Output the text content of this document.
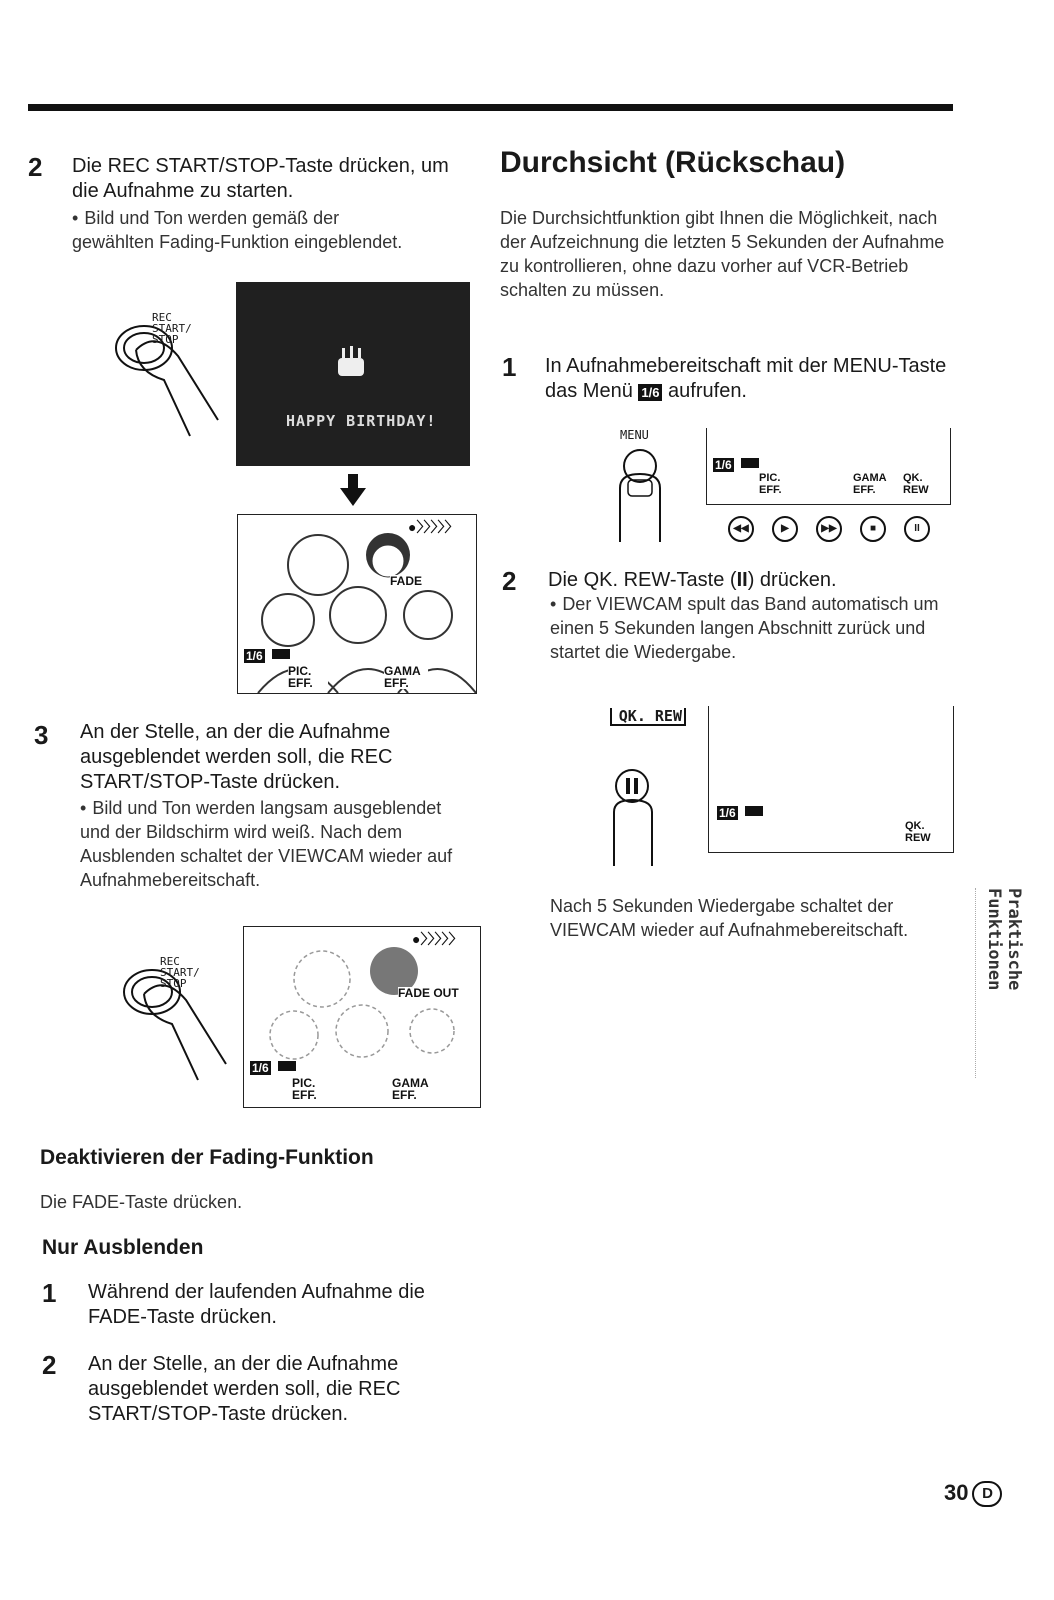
2 Die REC START/STOP-Taste drücken, um die Aufnahme zu starten.
• Bild und Ton werden gemäß der gewählten Fading-Funktion eingeblendet.
REC START/ STOP
HAPPY BIRTHDAY!
●〉〉〉〉〉
FADE
1/6
PIC. EFF.
GAMA EFF.
3 An der Stelle, an der die Aufnahme ausgeblendet werden soll, die REC START/STOP-Taste drücken.
• Bild und Ton werden langsam ausgeblendet und der Bildschirm wird weiß. Nach dem Ausblenden schaltet der VIEWCAM wieder auf Aufnahmebereitschaft.
REC START/ STOP
●〉〉〉〉〉
FADE OUT
1/6
PIC. EFF.
GAMA EFF.
Deaktivieren der Fading-Funktion
Die FADE-Taste drücken.
Nur Ausblenden
1 Während der laufenden Aufnahme die FADE-Taste drücken.
2 An der Stelle, an der die Aufnahme ausgeblendet werden soll, die REC START/STOP-Taste drücken.
Durchsicht (Rückschau)
Die Durchsichtfunktion gibt Ihnen die Möglichkeit, nach der Aufzeichnung die letzten 5 Sekunden der Aufnahme zu kontrollieren, ohne dazu vorher auf VCR-Betrieb schalten zu müssen.
1 In Aufnahmebereitschaft mit der MENU-Taste das Menü 1/6 aufrufen.
MENU
1/6
PIC. EFF.
GAMA EFF.
QK. REW
◀◀	▶	▶▶	■	II
2 Die QK. REW-Taste (II) drücken.
• Der VIEWCAM spult das Band automatisch um einen 5 Sekunden langen Abschnitt zurück und startet die Wiedergabe.
QK. REW
1/6
QK. REW
Nach 5 Sekunden Wiedergabe schaltet der VIEWCAM wieder auf Aufnahmebereitschaft.	Praktische Funktionen
30 D
